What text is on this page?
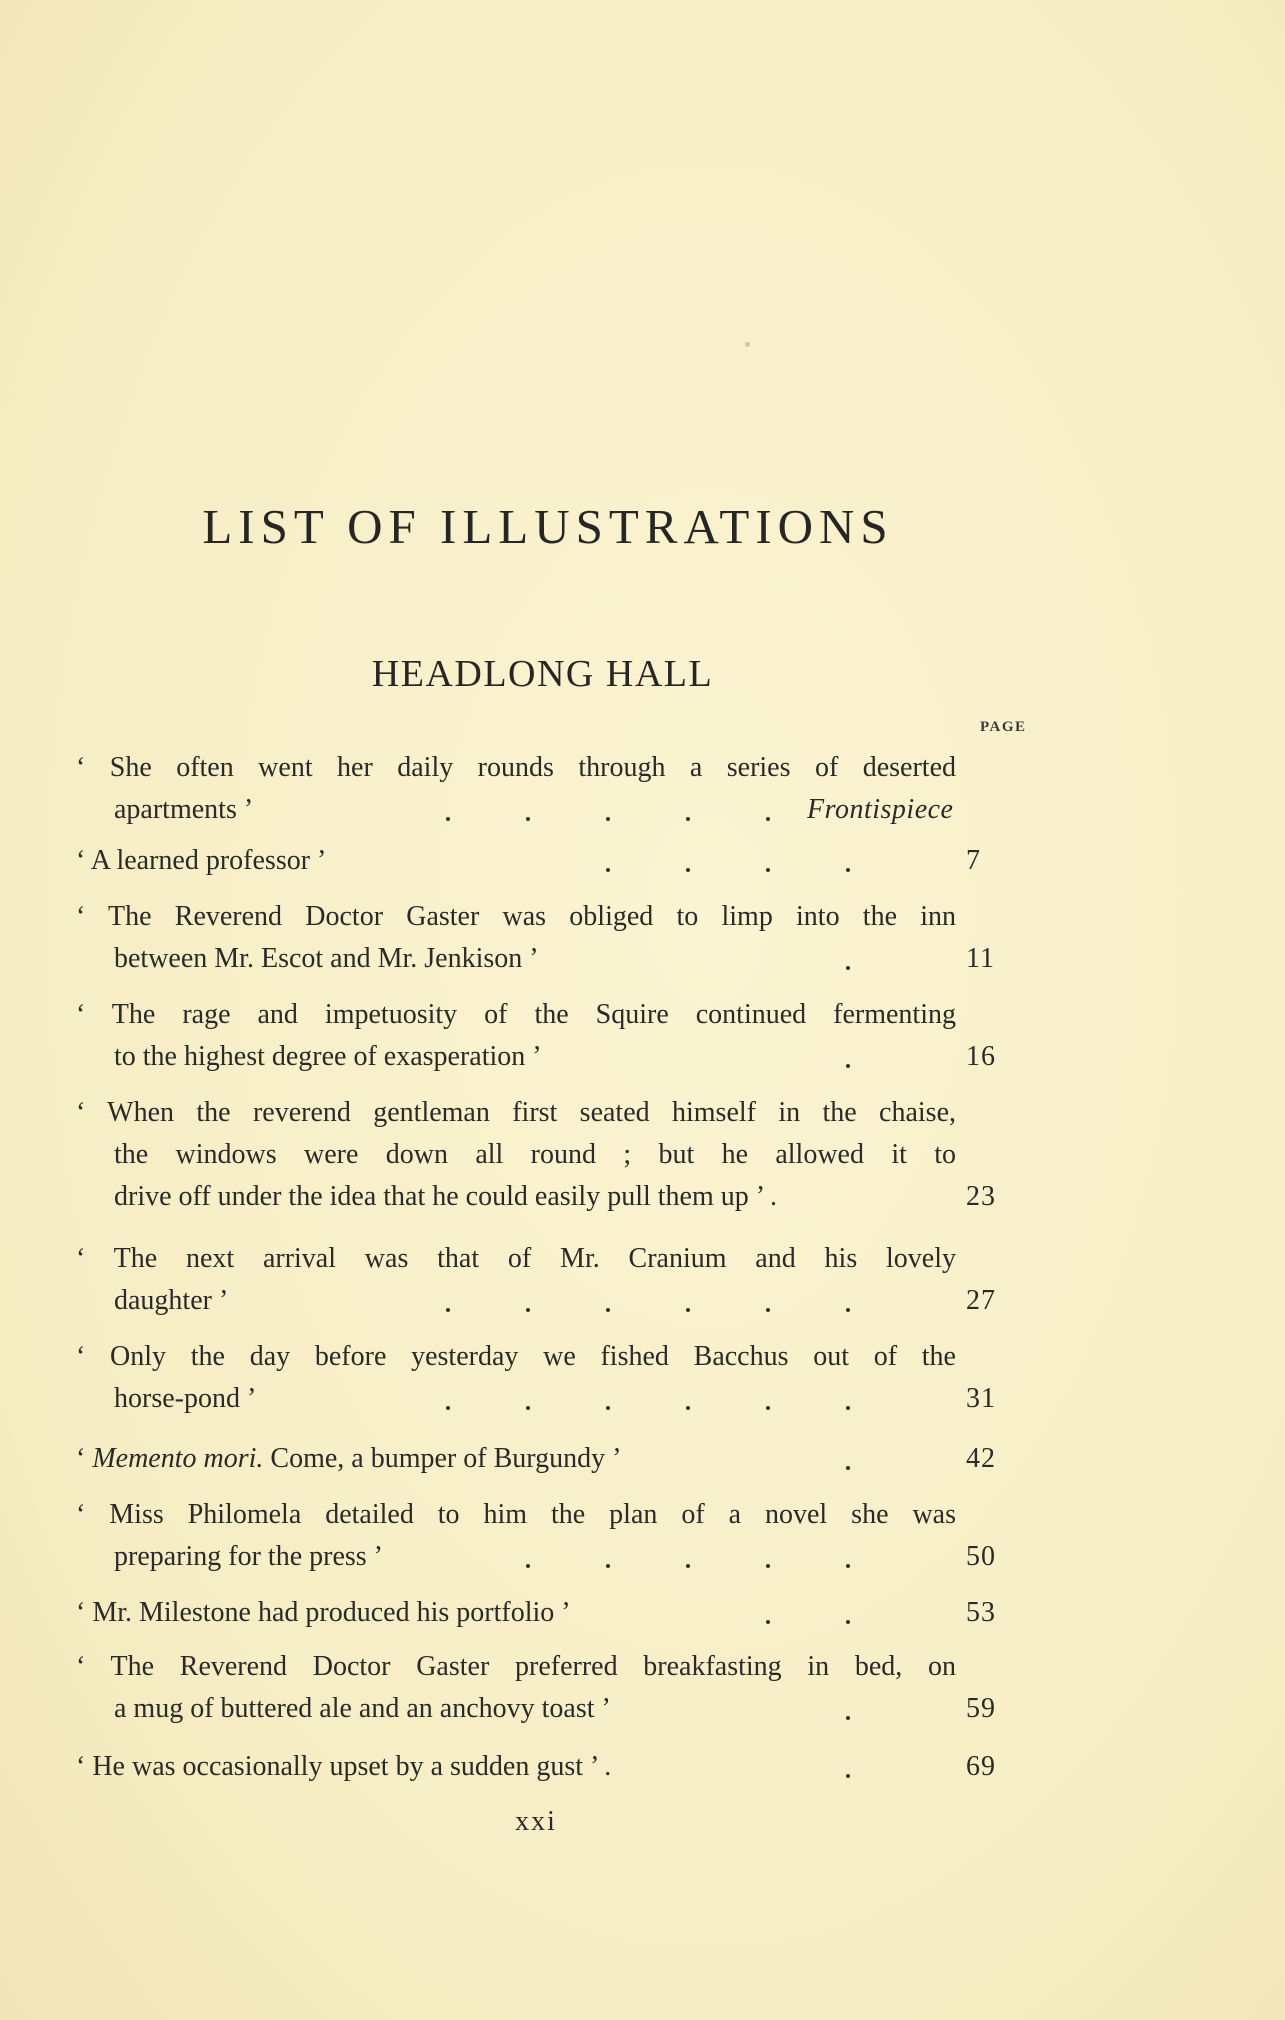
LIST OF ILLUSTRATIONS
HEADLONG HALL
PAGE
‘ She often went her daily rounds through a series of deserted
apartments ’	Frontispiece
‘ A learned professor ’	7
‘ The Reverend Doctor Gaster was obliged to limp into the inn
between Mr. Escot and Mr. Jenkison ’	11
‘ The rage and impetuosity of the Squire continued fermenting
to the highest degree of exasperation ’	16
‘ When the reverend gentleman first seated himself in the chaise,
the windows were down all round ; but he allowed it to
drive off under the idea that he could easily pull them up ’ .	23
‘ The next arrival was that of Mr. Cranium and his lovely
daughter ’	27
‘ Only the day before yesterday we fished Bacchus out of the
horse-pond ’	31
‘ Memento mori. Come, a bumper of Burgundy ’	42
‘ Miss Philomela detailed to him the plan of a novel she was
preparing for the press ’	50
‘ Mr. Milestone had produced his portfolio ’	53
‘ The Reverend Doctor Gaster preferred breakfasting in bed, on
a mug of buttered ale and an anchovy toast ’	59
‘ He was occasionally upset by a sudden gust ’ .	69
xxi
